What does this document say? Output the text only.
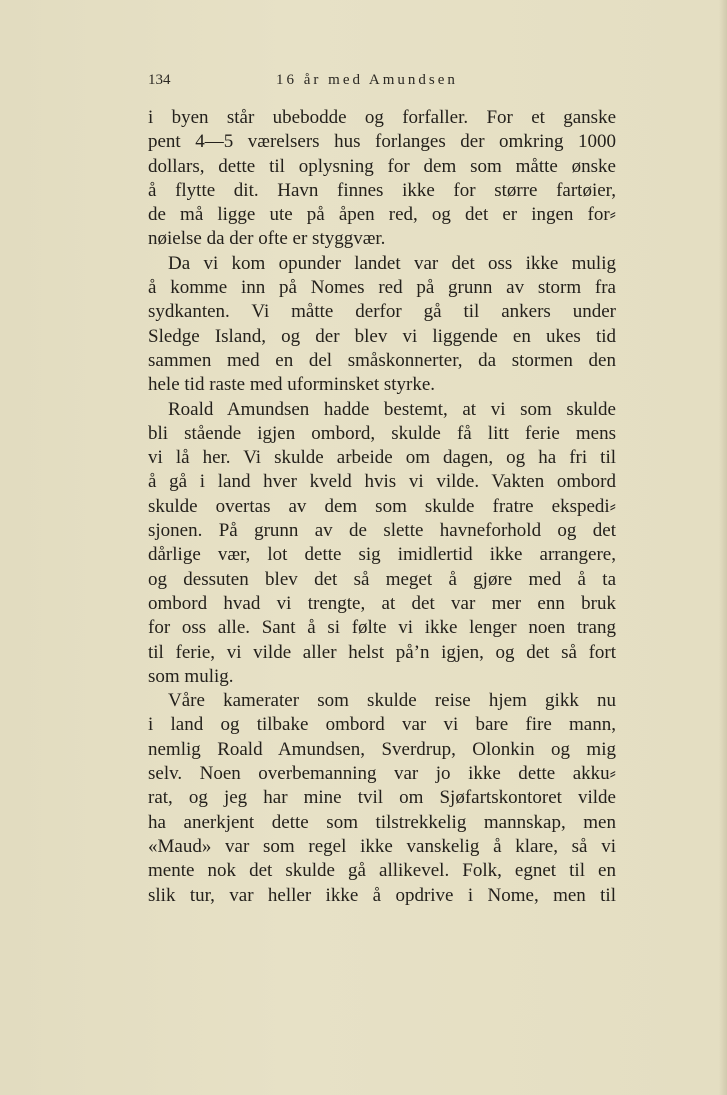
134	16 år med Amundsen
i byen står ubebodde og forfaller. For et ganske
pent 4—5 værelsers hus forlanges der omkring 1000
dollars, dette til oplysning for dem som måtte ønske
å flytte dit. Havn finnes ikke for større fartøier,
de må ligge ute på åpen red, og det er ingen for⸗
nøielse da der ofte er styggvær.
Da vi kom opunder landet var det oss ikke mulig
å komme inn på Nomes red på grunn av storm fra
sydkanten. Vi måtte derfor gå til ankers under
Sledge Island, og der blev vi liggende en ukes tid
sammen med en del småskonnerter, da stormen den
hele tid raste med uforminsket styrke.
Roald Amundsen hadde bestemt, at vi som skulde
bli stående igjen ombord, skulde få litt ferie mens
vi lå her. Vi skulde arbeide om dagen, og ha fri til
å gå i land hver kveld hvis vi vilde. Vakten ombord
skulde overtas av dem som skulde fratre ekspedi⸗
sjonen. På grunn av de slette havneforhold og det
dårlige vær, lot dette sig imidlertid ikke arrangere,
og dessuten blev det så meget å gjøre med å ta
ombord hvad vi trengte, at det var mer enn bruk
for oss alle. Sant å si følte vi ikke lenger noen trang
til ferie, vi vilde aller helst på’n igjen, og det så fort
som mulig.
Våre kamerater som skulde reise hjem gikk nu
i land og tilbake ombord var vi bare fire mann,
nemlig Roald Amundsen, Sverdrup, Olonkin og mig
selv. Noen overbemanning var jo ikke dette akku⸗
rat, og jeg har mine tvil om Sjøfartskontoret vilde
ha anerkjent dette som tilstrekkelig mannskap, men
«Maud» var som regel ikke vanskelig å klare, så vi
mente nok det skulde gå allikevel. Folk, egnet til en
slik tur, var heller ikke å opdrive i Nome, men til
